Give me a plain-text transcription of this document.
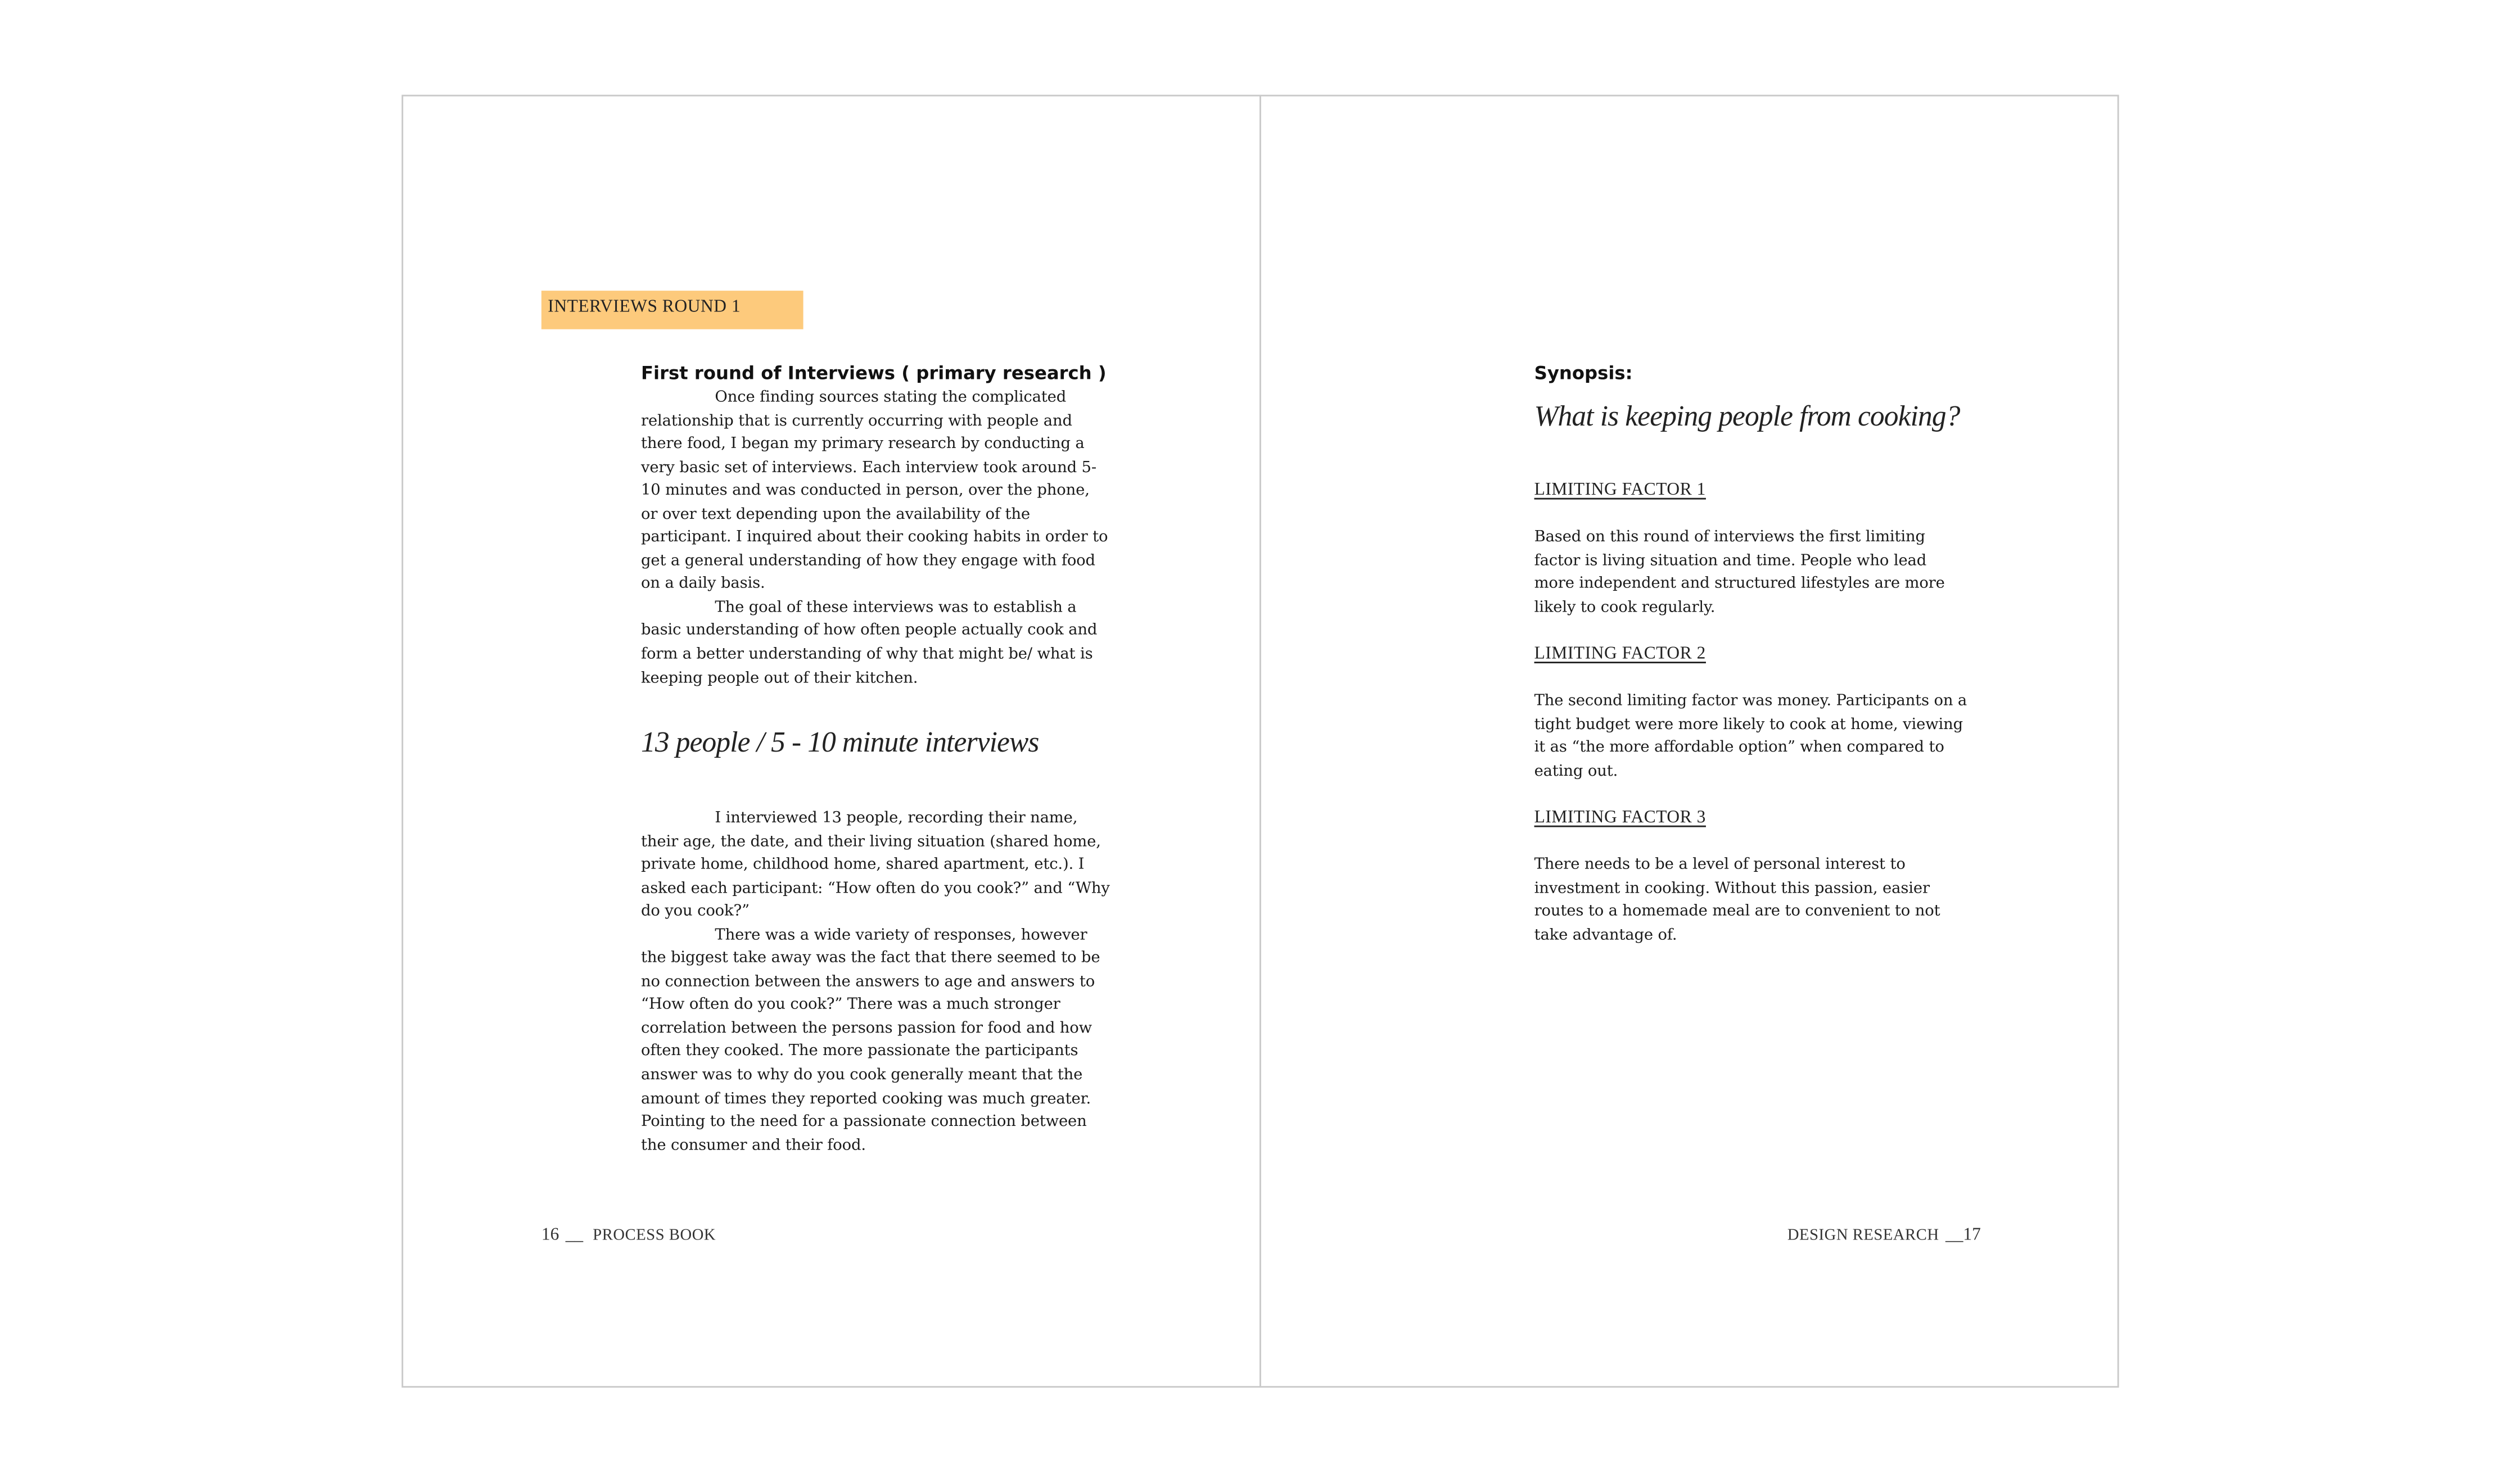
INTERVIEWS ROUND 1
First round of Interviews ( primary research )

Once finding sources stating the complicated relationship that is currently occurring with people and there food, I began my primary research by conducting a very basic set of interviews. Each interview took around 5-10 minutes and was conducted in person, over the phone, or over text depending upon the availability of the participant. I inquired about their cooking habits in order to get a general understanding of how they engage with food on a daily basis.

The goal of these interviews was to establish a basic understanding of how often people actually cook and form a better understanding of why that might be/ what is keeping people out of their kitchen.

13 people / 5 - 10 minute interviews

I interviewed 13 people, recording their name, their age, the date, and their living situation (shared home, private home, childhood home, shared apartment, etc.). I asked each participant: “How often do you cook?” and “Why do you cook?”

There was a wide variety of responses, however the biggest take away was the fact that there seemed to be no connection between the answers to age and answers to “How often do you cook?” There was a much stronger correlation between the persons passion for food and how often they cooked. The more passionate the participants answer was to why do you cook generally meant that the amount of times they reported cooking was much greater. Pointing to the need for a passionate connection between the consumer and their food.

16 __ PROCESS BOOK
Synopsis:
What is keeping people from cooking?
LIMITING FACTOR 1

Based on this round of interviews the first limiting factor is living situation and time. People who lead more independent and structured lifestyles are more likely to cook regularly.

LIMITING FACTOR 2

The second limiting factor was money. Participants on a tight budget were more likely to cook at home, viewing it as “the more affordable option” when compared to eating out.

LIMITING FACTOR 3

There needs to be a level of personal interest to investment in cooking. Without this passion, easier routes to a homemade meal are to convenient to not take advantage of.

DESIGN RESEARCH __17
